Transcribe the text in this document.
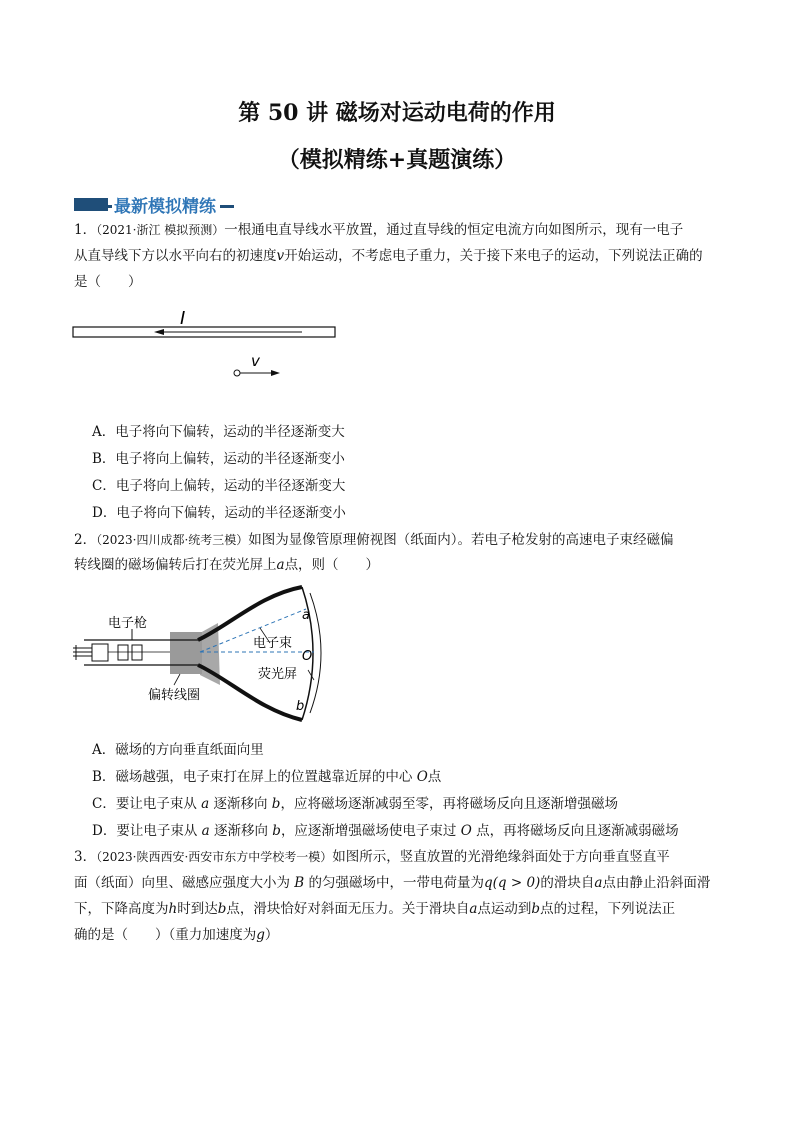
第 50 讲 磁场对运动电荷的作用
（模拟精练+真题演练）
最新模拟精练
1．（2021·浙江 模拟预测）一根通电直导线水平放置，通过直导线的恒定电流方向如图所示，现有一电子
从直导线下方以水平向右的初速度v开始运动，不考虑电子重力，关于接下来电子的运动，下列说法正确的
是（　　）
I
v
A．电子将向下偏转，运动的半径逐渐变大
B．电子将向上偏转，运动的半径逐渐变小
C．电子将向上偏转，运动的半径逐渐变大
D．电子将向下偏转，运动的半径逐渐变小
2．（2023·四川成都·统考三模）如图为显像管原理俯视图（纸面内）。若电子枪发射的高速电子束经磁偏
转线圈的磁场偏转后打在荧光屏上a点，则（　　）
电子枪
电子束
荧光屏
a
O
b
偏转线圈
A．磁场的方向垂直纸面向里
B．磁场越强，电子束打在屏上的位置越靠近屏的中心 O点
C．要让电子束从 a 逐渐移向 b，应将磁场逐渐减弱至零，再将磁场反向且逐渐增强磁场
D．要让电子束从 a 逐渐移向 b，应逐渐增强磁场使电子束过 O 点，再将磁场反向且逐渐减弱磁场
3．（2023·陕西西安·西安市东方中学校考一模）如图所示，竖直放置的光滑绝缘斜面处于方向垂直竖直平
面（纸面）向里、磁感应强度大小为 B 的匀强磁场中，一带电荷量为q(q > 0)的滑块自a点由静止沿斜面滑
下，下降高度为h时到达b点，滑块恰好对斜面无压力。关于滑块自a点运动到b点的过程，下列说法正
确的是（　　）（重力加速度为g）
